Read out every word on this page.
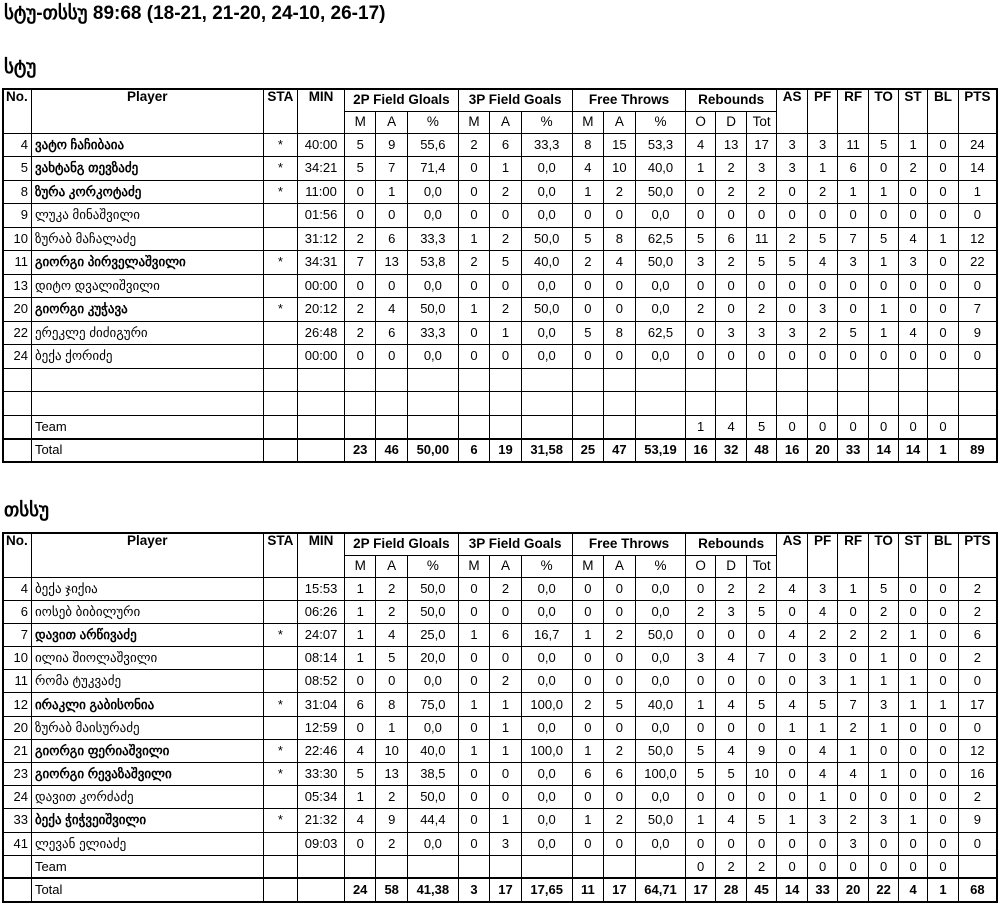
სტუ-თსსუ 89:68 (18-21, 21-20, 24-10, 26-17)
სტუ
No.	Player	STA	MIN	2P Field Gloals			3P Field Goals			Free Throws			Rebounds			AS	PF	RF	TO	ST	BL	PTS
				M	A	%	M	A	%	M	A	%	O	D	Tot							
4	ვატო ჩაჩიბაია	*	40:00	5	9	55,6	2	6	33,3	8	15	53,3	4	13	17	3	3	11	5	1	0	24
5	ვახტანგ თევზაძე	*	34:21	5	7	71,4	0	1	0,0	4	10	40,0	1	2	3	3	1	6	0	2	0	14
8	ზურა კორკოტაძე	*	11:00	0	1	0,0	0	2	0,0	1	2	50,0	0	2	2	0	2	1	1	0	0	1
9	ლუკა მინაშვილი		01:56	0	0	0,0	0	0	0,0	0	0	0,0	0	0	0	0	0	0	0	0	0	0
10	ზურაბ მაჩალაძე		31:12	2	6	33,3	1	2	50,0	5	8	62,5	5	6	11	2	5	7	5	4	1	12
11	გიორგი პირველაშვილი	*	34:31	7	13	53,8	2	5	40,0	2	4	50,0	3	2	5	5	4	3	1	3	0	22
13	დიტო დვალიშვილი		00:00	0	0	0,0	0	0	0,0	0	0	0,0	0	0	0	0	0	0	0	0	0	0
20	გიორგი კუჭავა	*	20:12	2	4	50,0	1	2	50,0	0	0	0,0	2	0	2	0	3	0	1	0	0	7
22	ერეკლე ძიძიგური		26:48	2	6	33,3	0	1	0,0	5	8	62,5	0	3	3	3	2	5	1	4	0	9
24	ბექა ქორიძე		00:00	0	0	0,0	0	0	0,0	0	0	0,0	0	0	0	0	0	0	0	0	0	0

	Team												1	4	5	0	0	0	0	0	0	
	Total			23	46	50,00	6	19	31,58	25	47	53,19	16	32	48	16	20	33	14	14	1	89
თსსუ
No.	Player	STA	MIN	2P Field Gloals			3P Field Goals			Free Throws			Rebounds			AS	PF	RF	TO	ST	BL	PTS
				M	A	%	M	A	%	M	A	%	O	D	Tot							
4	ბექა ჯიქია		15:53	1	2	50,0	0	2	0,0	0	0	0,0	0	2	2	4	3	1	5	0	0	2
6	იოსებ ბიბილური		06:26	1	2	50,0	0	0	0,0	0	0	0,0	2	3	5	0	4	0	2	0	0	2
7	დავით არწივაძე	*	24:07	1	4	25,0	1	6	16,7	1	2	50,0	0	0	0	4	2	2	2	1	0	6
10	ილია შიოლაშვილი		08:14	1	5	20,0	0	0	0,0	0	0	0,0	3	4	7	0	3	0	1	0	0	2
11	რომა ტუკვაძე		08:52	0	0	0,0	0	2	0,0	0	0	0,0	0	0	0	0	3	1	1	1	0	0
12	ირაკლი გაბისონია	*	31:04	6	8	75,0	1	1	100,0	2	5	40,0	1	4	5	4	5	7	3	1	1	17
20	ზურაბ მაისურაძე		12:59	0	1	0,0	0	1	0,0	0	0	0,0	0	0	0	1	1	2	1	0	0	0
21	გიორგი ფერიაშვილი	*	22:46	4	10	40,0	1	1	100,0	1	2	50,0	5	4	9	0	4	1	0	0	0	12
23	გიორგი რევაზაშვილი	*	33:30	5	13	38,5	0	0	0,0	6	6	100,0	5	5	10	0	4	4	1	0	0	16
24	დავით კორძაძე		05:34	1	2	50,0	0	0	0,0	0	0	0,0	0	0	0	0	1	0	0	0	0	2
33	ბექა ჭიჭვეიშვილი	*	21:32	4	9	44,4	0	1	0,0	1	2	50,0	1	4	5	1	3	2	3	1	0	9
41	ლევან ელიაძე		09:03	0	2	0,0	0	3	0,0	0	0	0,0	0	0	0	0	0	3	0	0	0	0
	Team												0	2	2	0	0	0	0	0	0	
	Total			24	58	41,38	3	17	17,65	11	17	64,71	17	28	45	14	33	20	22	4	1	68
